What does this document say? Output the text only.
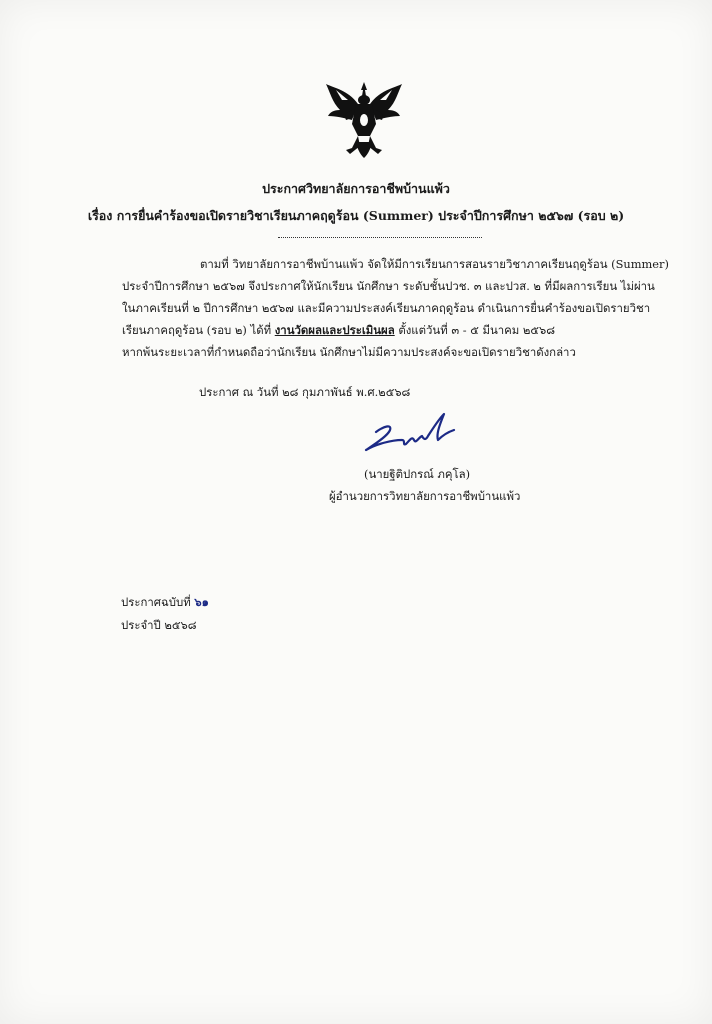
ประกาศวิทยาลัยการอาชีพบ้านแพ้ว
เรื่อง การยื่นคำร้องขอเปิดรายวิชาเรียนภาคฤดูร้อน (Summer) ประจำปีการศึกษา ๒๕๖๗ (รอบ ๒)
ตามที่ วิทยาลัยการอาชีพบ้านแพ้ว จัดให้มีการเรียนการสอนรายวิชาภาคเรียนฤดูร้อน (Summer)
ประจำปีการศึกษา ๒๕๖๗ จึงประกาศให้นักเรียน นักศึกษา ระดับชั้นปวช. ๓ และปวส. ๒ ที่มีผลการเรียน ไม่ผ่าน
ในภาคเรียนที่ ๒ ปีการศึกษา ๒๕๖๗ และมีความประสงค์เรียนภาคฤดูร้อน ดำเนินการยื่นคำร้องขอเปิดรายวิชา
เรียนภาคฤดูร้อน (รอบ ๒) ได้ที่ งานวัดผลและประเมินผล ตั้งแต่วันที่ ๓ - ๕ มีนาคม ๒๕๖๘
หากพ้นระยะเวลาที่กำหนดถือว่านักเรียน นักศึกษาไม่มีความประสงค์จะขอเปิดรายวิชาดังกล่าว
ประกาศ ณ วันที่ ๒๘ กุมภาพันธ์ พ.ศ.๒๕๖๘
(นายฐิติปกรณ์ ภคุโล)
ผู้อำนวยการวิทยาลัยการอาชีพบ้านแพ้ว
ประกาศฉบับที่ ๖๑
ประจำปี ๒๕๖๘
